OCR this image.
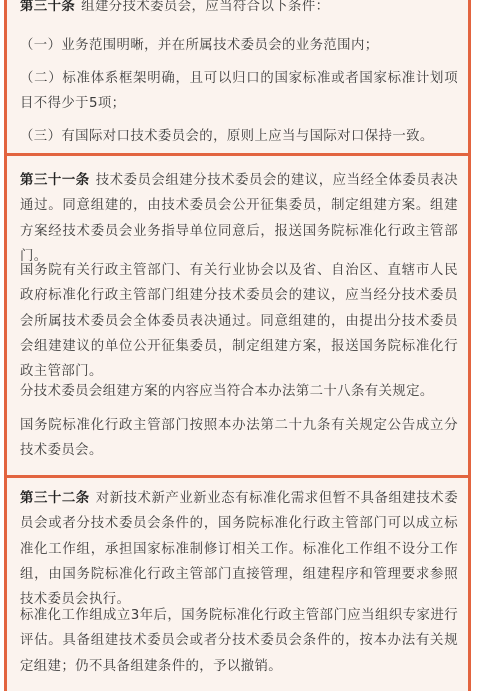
第三十条 组建分技术委员会，应当符合以下条件：

（一）业务范围明晰，并在所属技术委员会的业务范围内；

（二）标准体系框架明确，且可以归口的国家标准或者国家标准计划项目不得少于5项；

（三）有国际对口技术委员会的，原则上应当与国际对口保持一致。

第三十一条 技术委员会组建分技术委员会的建议，应当经全体委员表决通过。同意组建的，由技术委员会公开征集委员，制定组建方案。组建方案经技术委员会业务指导单位同意后，报送国务院标准化行政主管部门。

国务院有关行政主管部门、有关行业协会以及省、自治区、直辖市人民政府标准化行政主管部门组建分技术委员会的建议，应当经分技术委员会所属技术委员会全体委员表决通过。同意组建的，由提出分技术委员会组建建议的单位公开征集委员，制定组建方案，报送国务院标准化行政主管部门。

分技术委员会组建方案的内容应当符合本办法第二十八条有关规定。

国务院标准化行政主管部门按照本办法第二十九条有关规定公告成立分技术委员会。

第三十二条 对新技术新产业新业态有标准化需求但暂不具备组建技术委员会或者分技术委员会条件的，国务院标准化行政主管部门可以成立标准化工作组，承担国家标准制修订相关工作。标准化工作组不设分工作组，由国务院标准化行政主管部门直接管理，组建程序和管理要求参照技术委员会执行。

标准化工作组成立3年后，国务院标准化行政主管部门应当组织专家进行评估。具备组建技术委员会或者分技术委员会条件的，按本办法有关规定组建；仍不具备组建条件的，予以撤销。
